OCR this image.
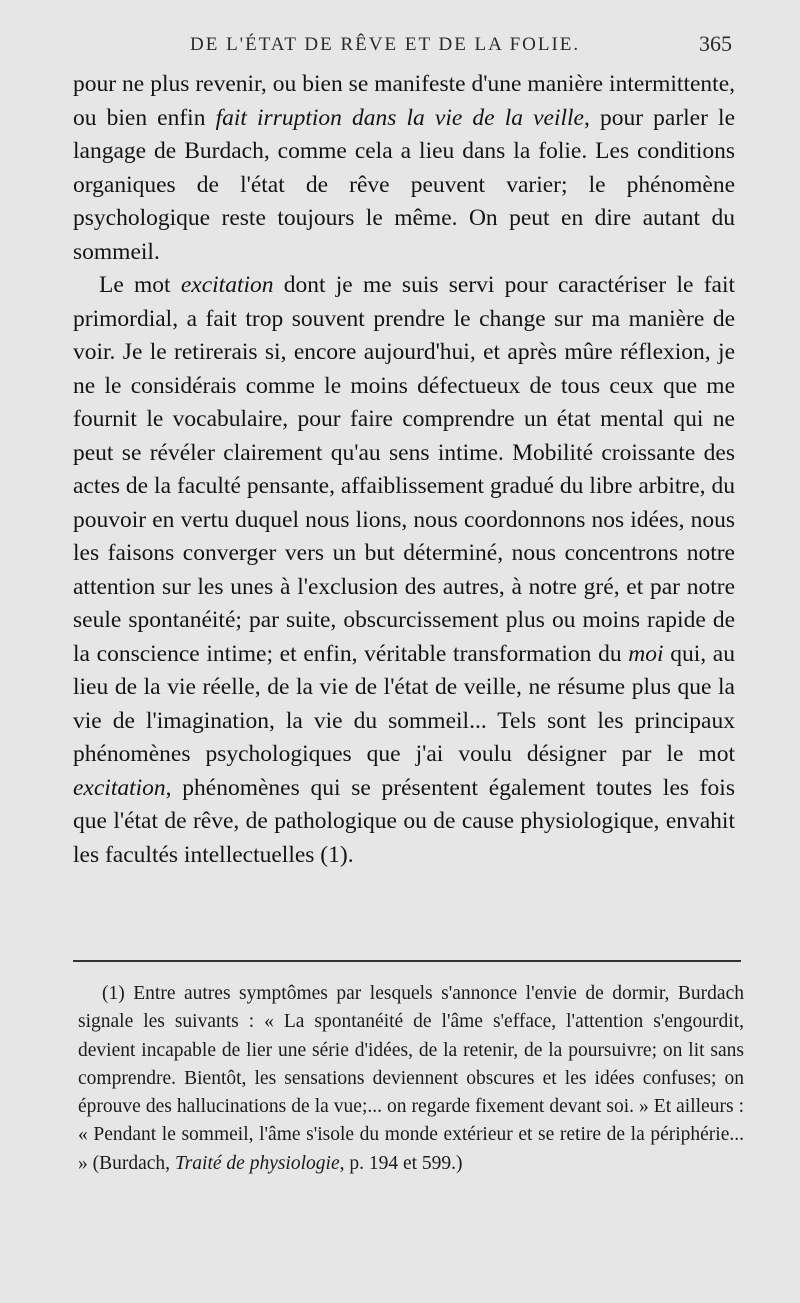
DE L'ÉTAT DE RÊVE ET DE LA FOLIE.	365

pour ne plus revenir, ou bien se manifeste d'une manière intermittente, ou bien enfin fait irruption dans la vie de la veille, pour parler le langage de Burdach, comme cela a lieu dans la folie. Les conditions organiques de l'état de rêve peuvent varier; le phénomène psychologique reste toujours le même. On peut en dire autant du sommeil.

Le mot excitation dont je me suis servi pour caractériser le fait primordial, a fait trop souvent prendre le change sur ma manière de voir. Je le retirerais si, encore aujourd'hui, et après mûre réflexion, je ne le considérais comme le moins défectueux de tous ceux que me fournit le vocabulaire, pour faire comprendre un état mental qui ne peut se révéler clairement qu'au sens intime. Mobilité croissante des actes de la faculté pensante, affaiblissement gradué du libre arbitre, du pouvoir en vertu duquel nous lions, nous coordonnons nos idées, nous les faisons converger vers un but déterminé, nous concentrons notre attention sur les unes à l'exclusion des autres, à notre gré, et par notre seule spontanéité; par suite, obscurcissement plus ou moins rapide de la conscience intime; et enfin, véritable transformation du moi qui, au lieu de la vie réelle, de la vie de l'état de veille, ne résume plus que la vie de l'imagination, la vie du sommeil... Tels sont les principaux phénomènes psychologiques que j'ai voulu désigner par le mot excitation, phénomènes qui se présentent également toutes les fois que l'état de rêve, de pathologique ou de cause physiologique, envahit les facultés intellectuelles (1).

(1) Entre autres symptômes par lesquels s'annonce l'envie de dormir, Burdach signale les suivants : « La spontanéité de l'âme s'efface, l'attention s'engourdit, devient incapable de lier une série d'idées, de la retenir, de la poursuivre; on lit sans comprendre. Bientôt, les sensations deviennent obscures et les idées confuses; on éprouve des hallucinations de la vue;... on regarde fixement devant soi. » Et ailleurs : « Pendant le sommeil, l'âme s'isole du monde extérieur et se retire de la périphérie... » (Burdach, Traité de physiologie, p. 194 et 599.)
